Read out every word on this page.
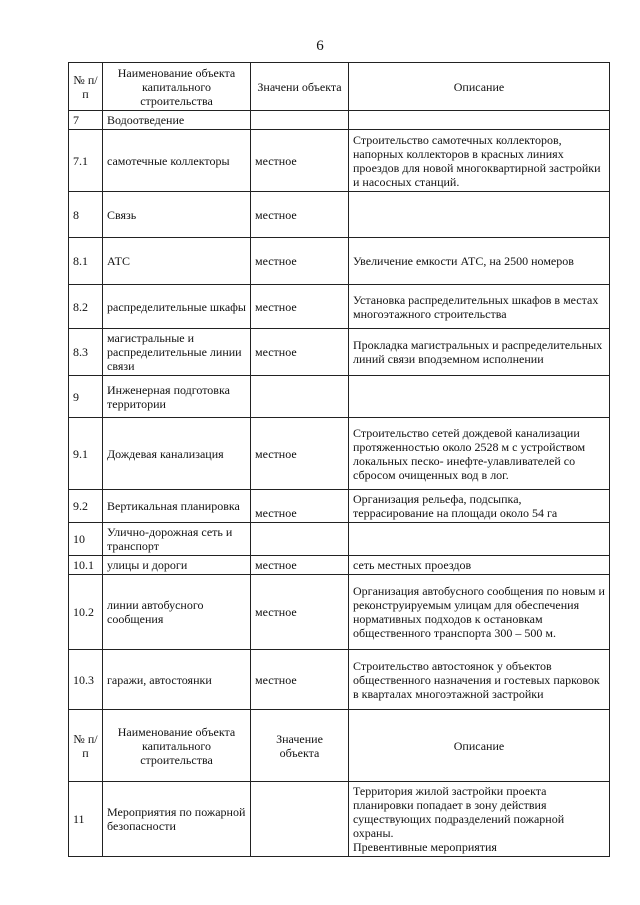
6
№ п/п	Наименование объекта капитального строительства	Значени объекта	Описание
7	Водоотведение		
7.1	самотечные коллекторы	местное	Строительство самотечных коллекторов, напорных коллекторов в красных линиях проездов для новой многоквартирной застройки и насосных станций.
8	Связь	местное	
8.1	АТС	местное	Увеличение емкости АТС, на 2500 номеров
8.2	распределительные шкафы	местное	Установка распределительных шкафов в местах многоэтажного строительства
8.3	магистральные и распределительные линии связи	местное	Прокладка магистральных и распределительных линий связи вподземном исполнении
9	Инженерная подготовка территории		
9.1	Дождевая канализация	местное	Строительство сетей дождевой канализации протяженностью около 2528 м с устройством локальных песко- инефте-улавливателей со сбросом очищенных вод в лог.
9.2	Вертикальная планировка	местное	Организация рельефа, подсыпка, террасирование на площади около 54 га
10	Улично-дорожная сеть и транспорт		
10.1	улицы и дороги	местное	сеть местных проездов
10.2	линии автобусного сообщения	местное	Организация автобусного сообщения по новым и реконструируемым улицам для обеспечения нормативных подходов к остановкам общественного транспорта 300 – 500 м.
10.3	гаражи, автостоянки	местное	Строительство автостоянок у объектов общественного назначения и гостевых парковок в кварталах многоэтажной застройки
№ п/п	Наименование объекта капитального строительства	Значение объекта	Описание
11	Мероприятия по пожарной безопасности		Территория жилой застройки проекта планировки попадает в зону действия существующих подразделений пожарной охраны.
Превентивные мероприятия
